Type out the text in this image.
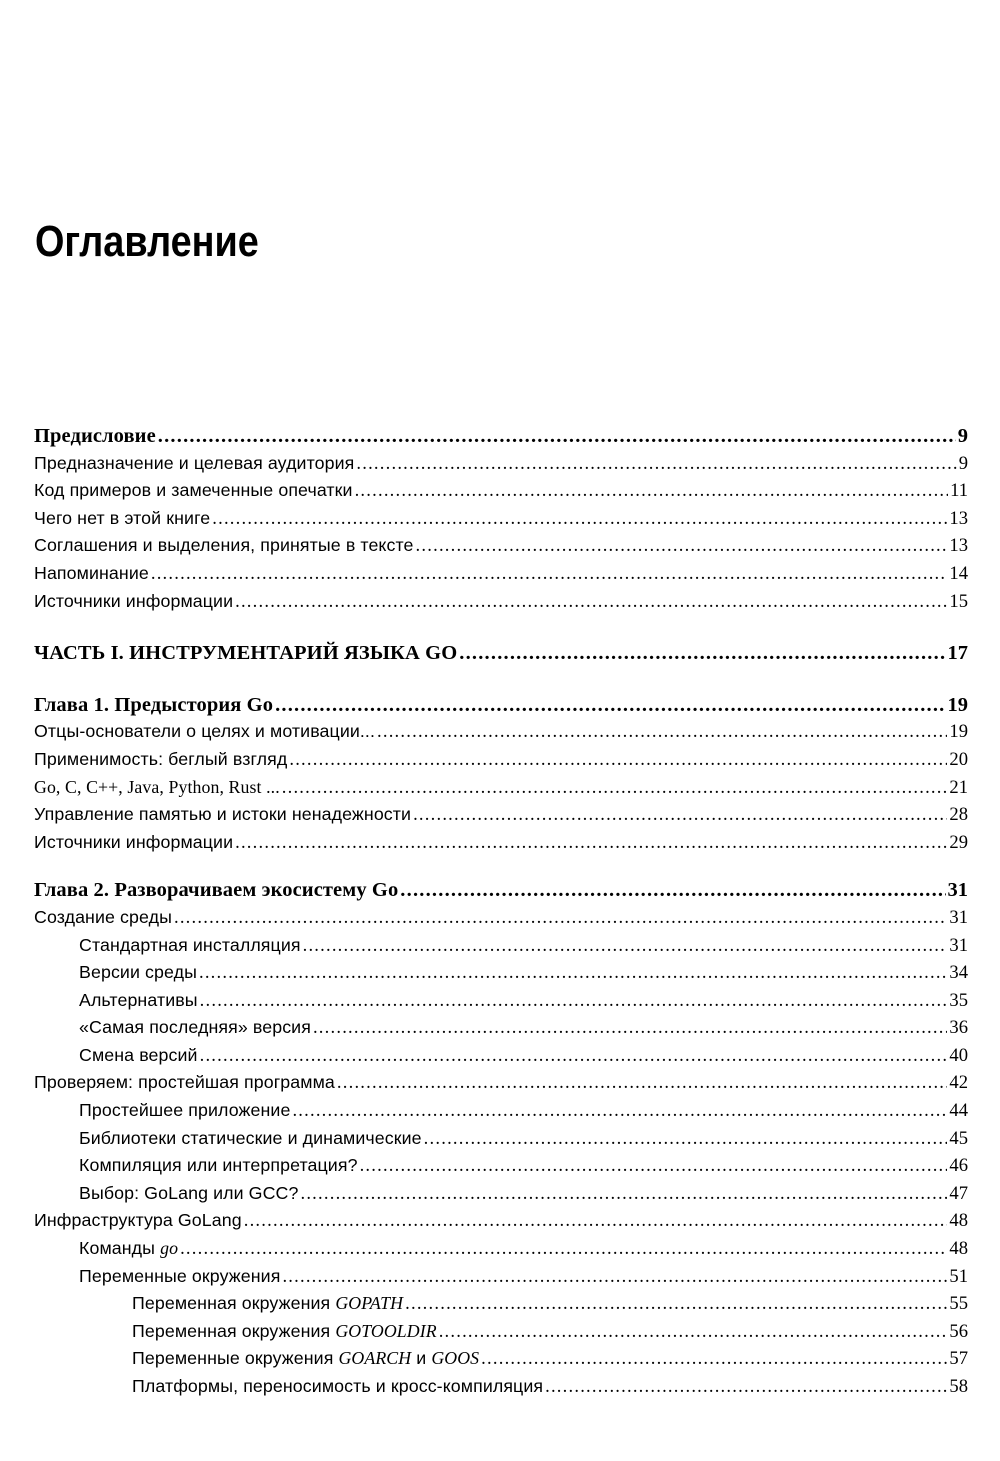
Оглавление
Предисловие .....	9
Предназначение и целевая аудитория .....	9
Код примеров и замеченные опечатки .....	11
Чего нет в этой книге .....	13
Соглашения и выделения, принятые в тексте .....	13
Напоминание .....	14
Источники информации .....	15
ЧАСТЬ I. ИНСТРУМЕНТАРИЙ ЯЗЫКА GO .....	17
Глава 1. Предыстория Go .....	19
Отцы-основатели о целях и мотивации... .....	19
Применимость: беглый взгляд .....	20
Go, C, C++, Java, Python, Rust ... .....	21
Управление памятью и истоки ненадежности .....	28
Источники информации .....	29
Глава 2. Разворачиваем экосистему Go .....	31
Создание среды .....	31
Стандартная инсталляция .....	31
Версии среды .....	34
Альтернативы .....	35
«Самая последняя» версия .....	36
Смена версий .....	40
Проверяем: простейшая программа .....	42
Простейшее приложение .....	44
Библиотеки статические и динамические .....	45
Компиляция или интерпретация? .....	46
Выбор: GoLang или GCC? .....	47
Инфраструктура GoLang .....	48
Команды go .....	48
Переменные окружения .....	51
Переменная окружения GOPATH .....	55
Переменная окружения GOTOOLDIR .....	56
Переменные окружения GOARCH и GOOS .....	57
Платформы, переносимость и кросс-компиляция .....	58
